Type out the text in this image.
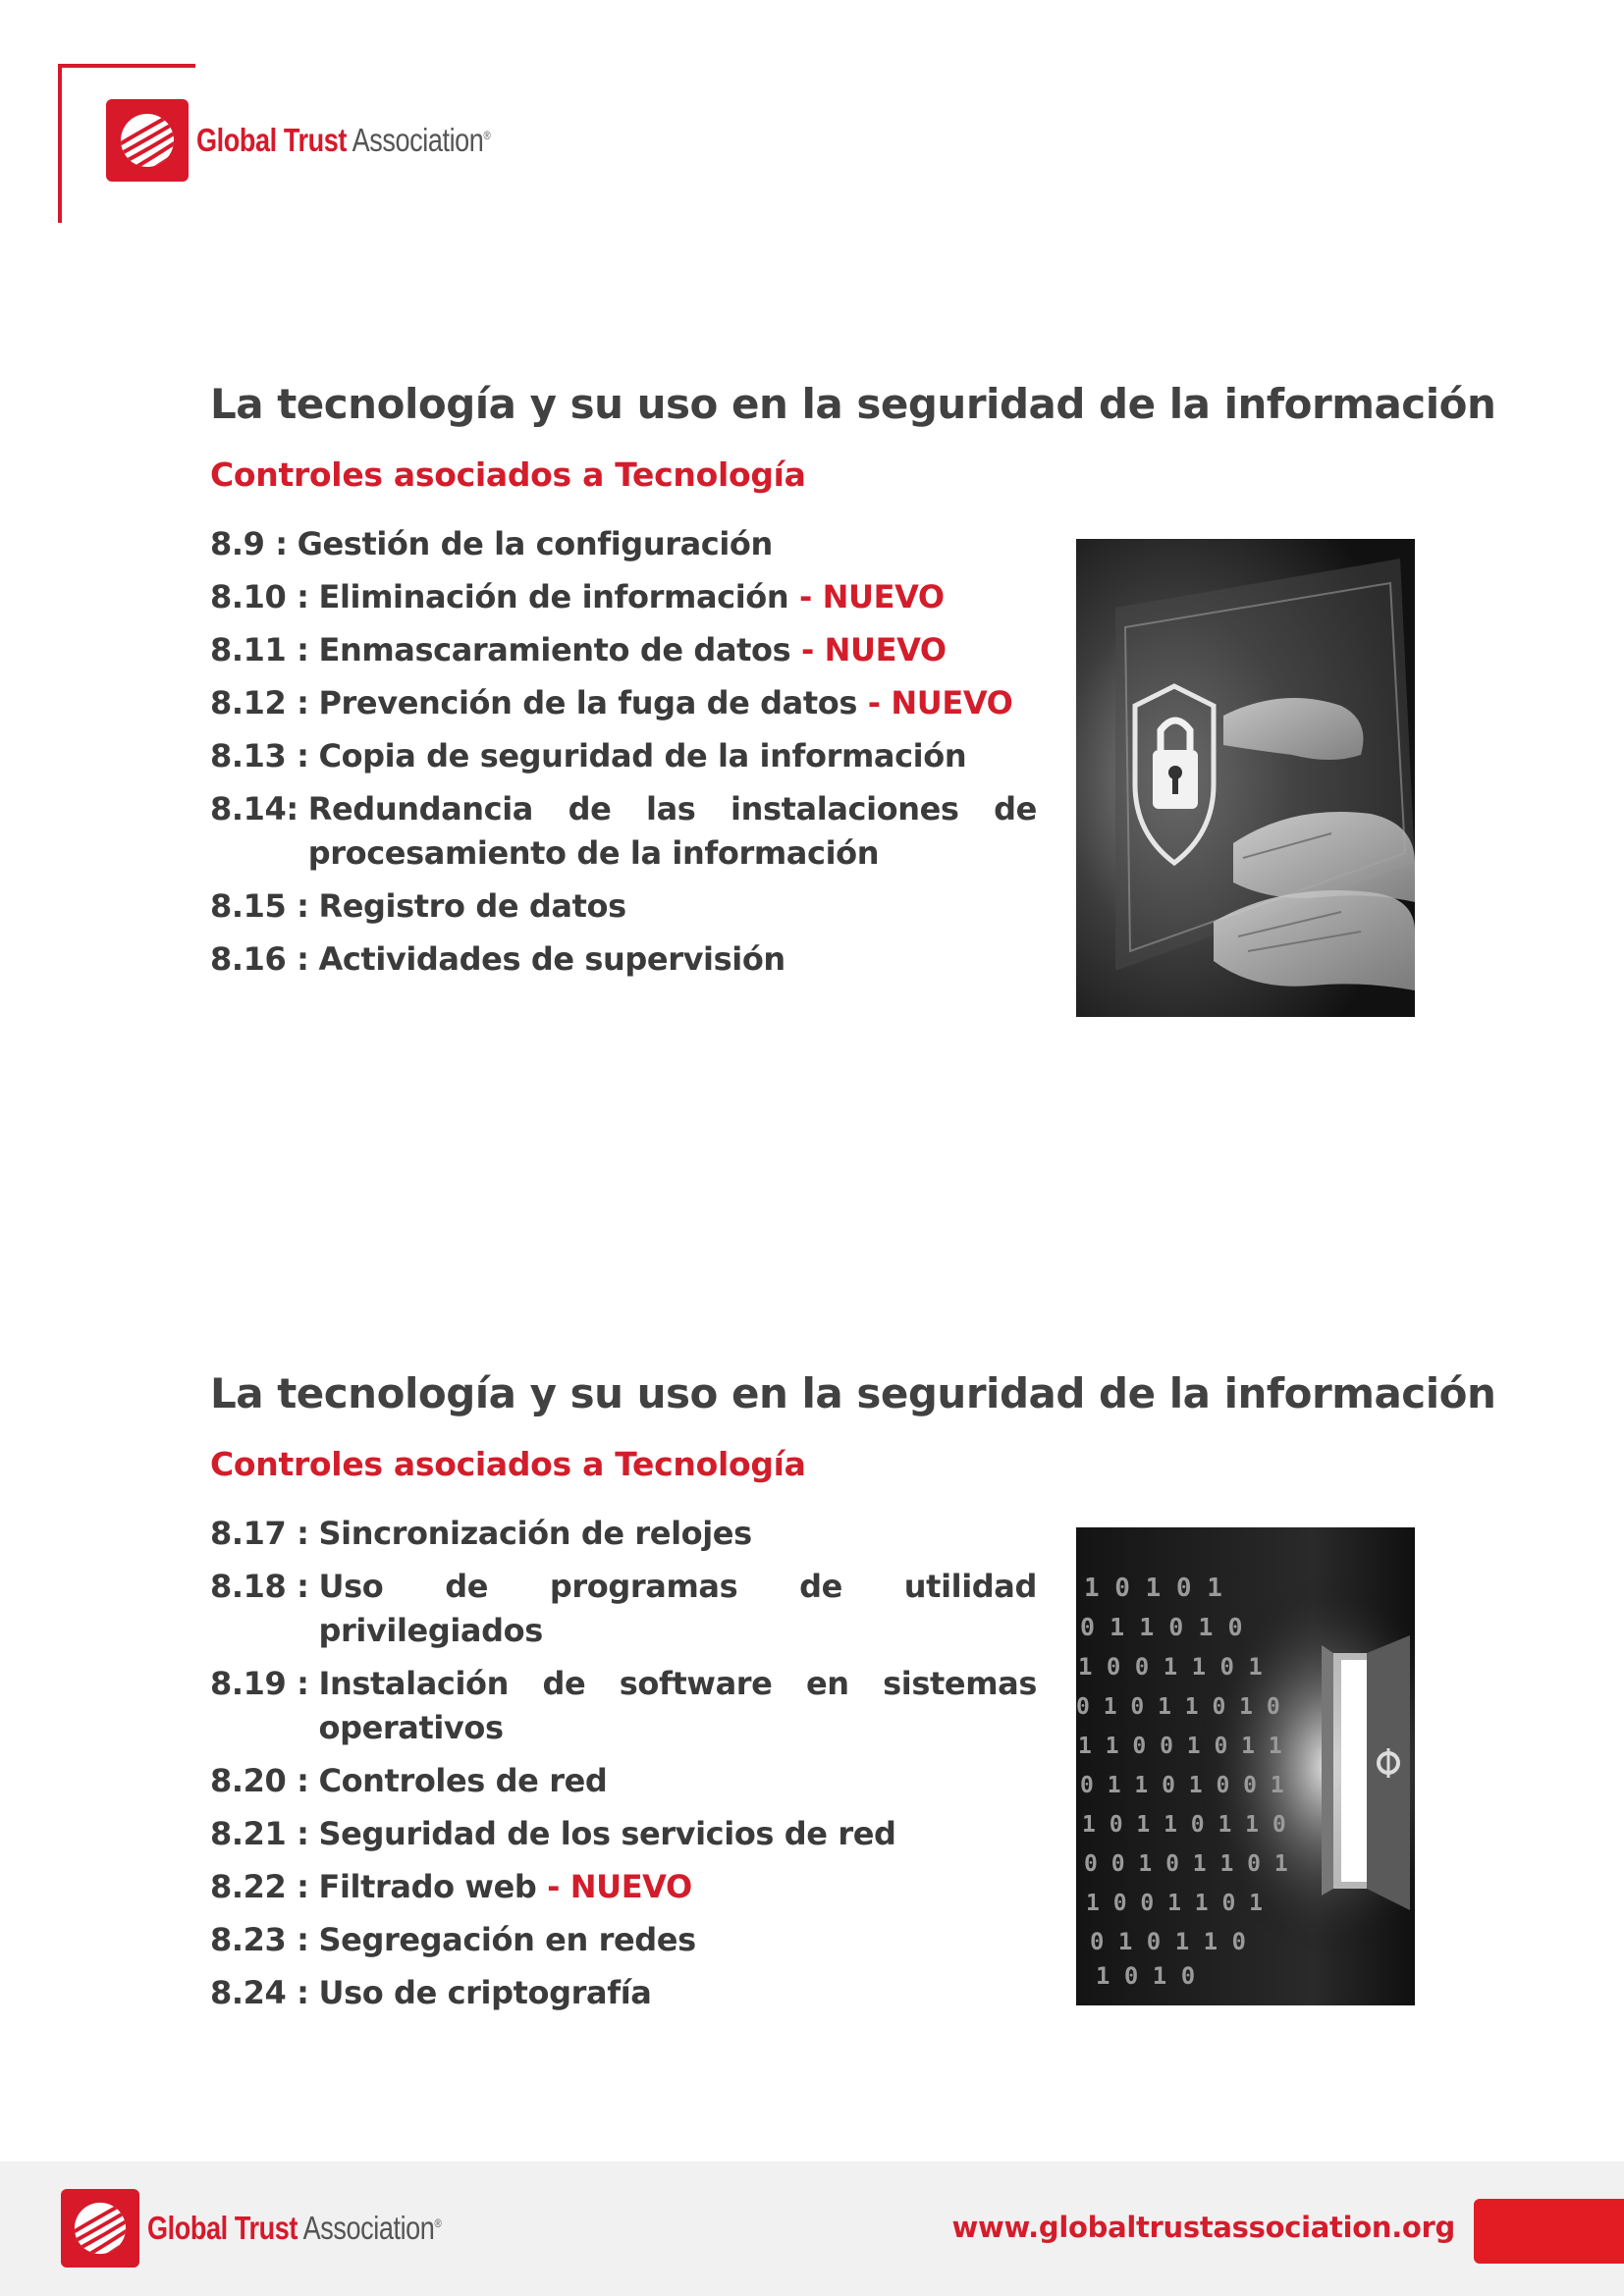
Global Trust Association®
La tecnología y su uso en la seguridad de la información
Controles asociados a Tecnología
8.9 : Gestión de la configuración
8.10 : Eliminación de información - NUEVO
8.11 : Enmascaramiento de datos - NUEVO
8.12 : Prevención de la fuga de datos - NUEVO
8.13 : Copia de seguridad de la información
8.14: Redundancia de las instalaciones de procesamiento de la información
8.15 : Registro de datos
8.16 : Actividades de supervisión
La tecnología y su uso en la seguridad de la información
Controles asociados a Tecnología
8.17 : Sincronización de relojes
8.18 : Uso de programas de utilidad privilegiados
8.19 : Instalación de software en sistemas operativos
8.20 : Controles de red
8.21 : Seguridad de los servicios de red
8.22 : Filtrado web - NUEVO
8.23 : Segregación en redes
8.24 : Uso de criptografía
1 0 1 0 1
0 1 1 0 1 0
1 0 0 1 1 0 1
0 1 0 1 1 0 1 0
1 1 0 0 1 0 1 1
0 1 1 0 1 0 0 1
1 0 1 1 0 1 1 0
0 0 1 0 1 1 0 1
1 0 0 1 1 0 1
0 1 0 1 1 0
1 0 1 0
Global Trust Association®	www.globaltrustassociation.org
